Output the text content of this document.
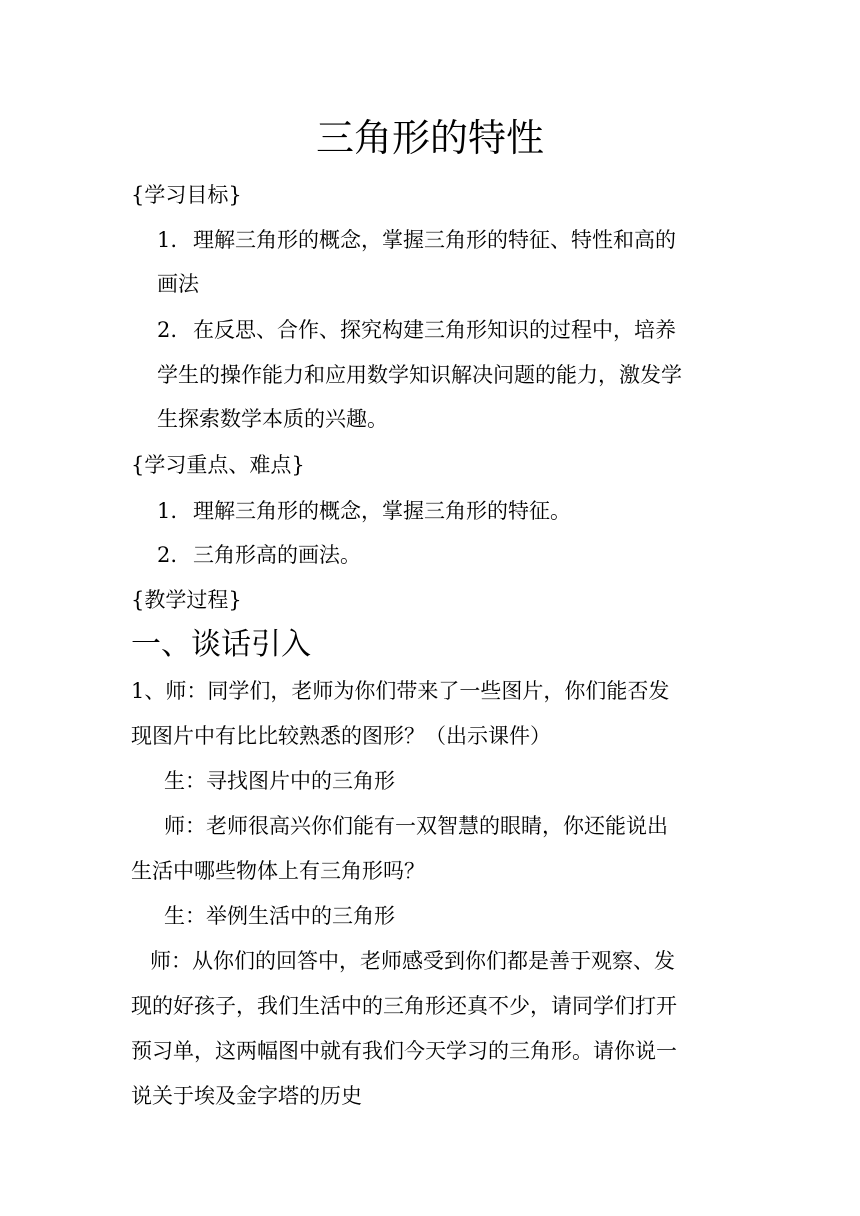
三角形的特性
{学习目标}
1. 理解三角形的概念，掌握三角形的特征、特性和高的
画法
2. 在反思、合作、探究构建三角形知识的过程中，培养
学生的操作能力和应用数学知识解决问题的能力，激发学
生探索数学本质的兴趣。
{学习重点、难点}
1. 理解三角形的概念，掌握三角形的特征。
2. 三角形高的画法。
{教学过程}
一、谈话引入
1、师：同学们，老师为你们带来了一些图片，你们能否发
现图片中有比比较熟悉的图形？（出示课件）
生：寻找图片中的三角形
师：老师很高兴你们能有一双智慧的眼睛，你还能说出
生活中哪些物体上有三角形吗？
生：举例生活中的三角形
师：从你们的回答中，老师感受到你们都是善于观察、发
现的好孩子，我们生活中的三角形还真不少，请同学们打开
预习单，这两幅图中就有我们今天学习的三角形。请你说一
说关于埃及金字塔的历史
